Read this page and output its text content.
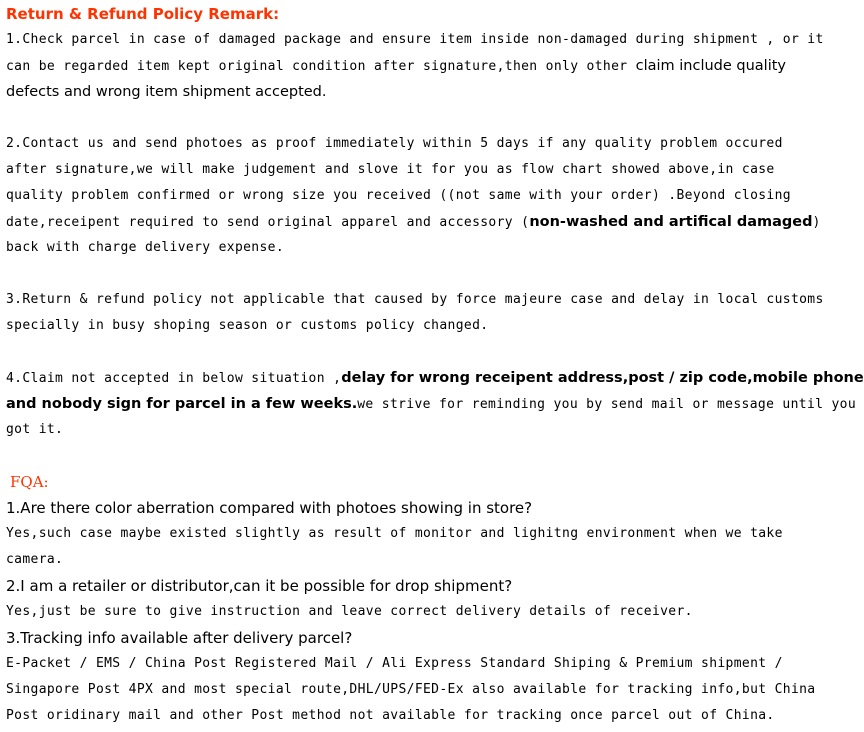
Return & Refund Policy Remark:
1.Check parcel in case of damaged package and ensure item inside non-damaged during shipment , or it
can be regarded item kept original condition after signature,then only other claim include quality
defects and wrong item shipment accepted.
2.Contact us and send photoes as proof immediately within 5 days if any quality problem occured
after signature,we will make judgement and slove it for you as flow chart showed above,in case
quality problem confirmed or wrong size you received ((not same with your order) .Beyond closing
date,receipent required to send original apparel and accessory (non-washed and artifical damaged)
back with charge delivery expense.
3.Return & refund policy not applicable that caused by force majeure case and delay in local customs
specially in busy shoping season or customs policy changed.
4.Claim not accepted in below situation ,delay for wrong receipent address,post / zip code,mobile phone
and nobody sign for parcel in a few weeks.we strive for reminding you by send mail or message until you
got it.
FQA:
1.Are there color aberration compared with photoes showing in store?
Yes,such case maybe existed slightly as result of monitor and lighitng environment when we take
camera.
2.I am a retailer or distributor,can it be possible for drop shipment?
Yes,just be sure to give instruction and leave correct delivery details of receiver.
3.Tracking info available after delivery parcel?
E-Packet / EMS / China Post Registered Mail / Ali Express Standard Shiping & Premium shipment /
Singapore Post 4PX and most special route,DHL/UPS/FED-Ex also available for tracking info,but China
Post oridinary mail and other Post method not available for tracking once parcel out of China.
